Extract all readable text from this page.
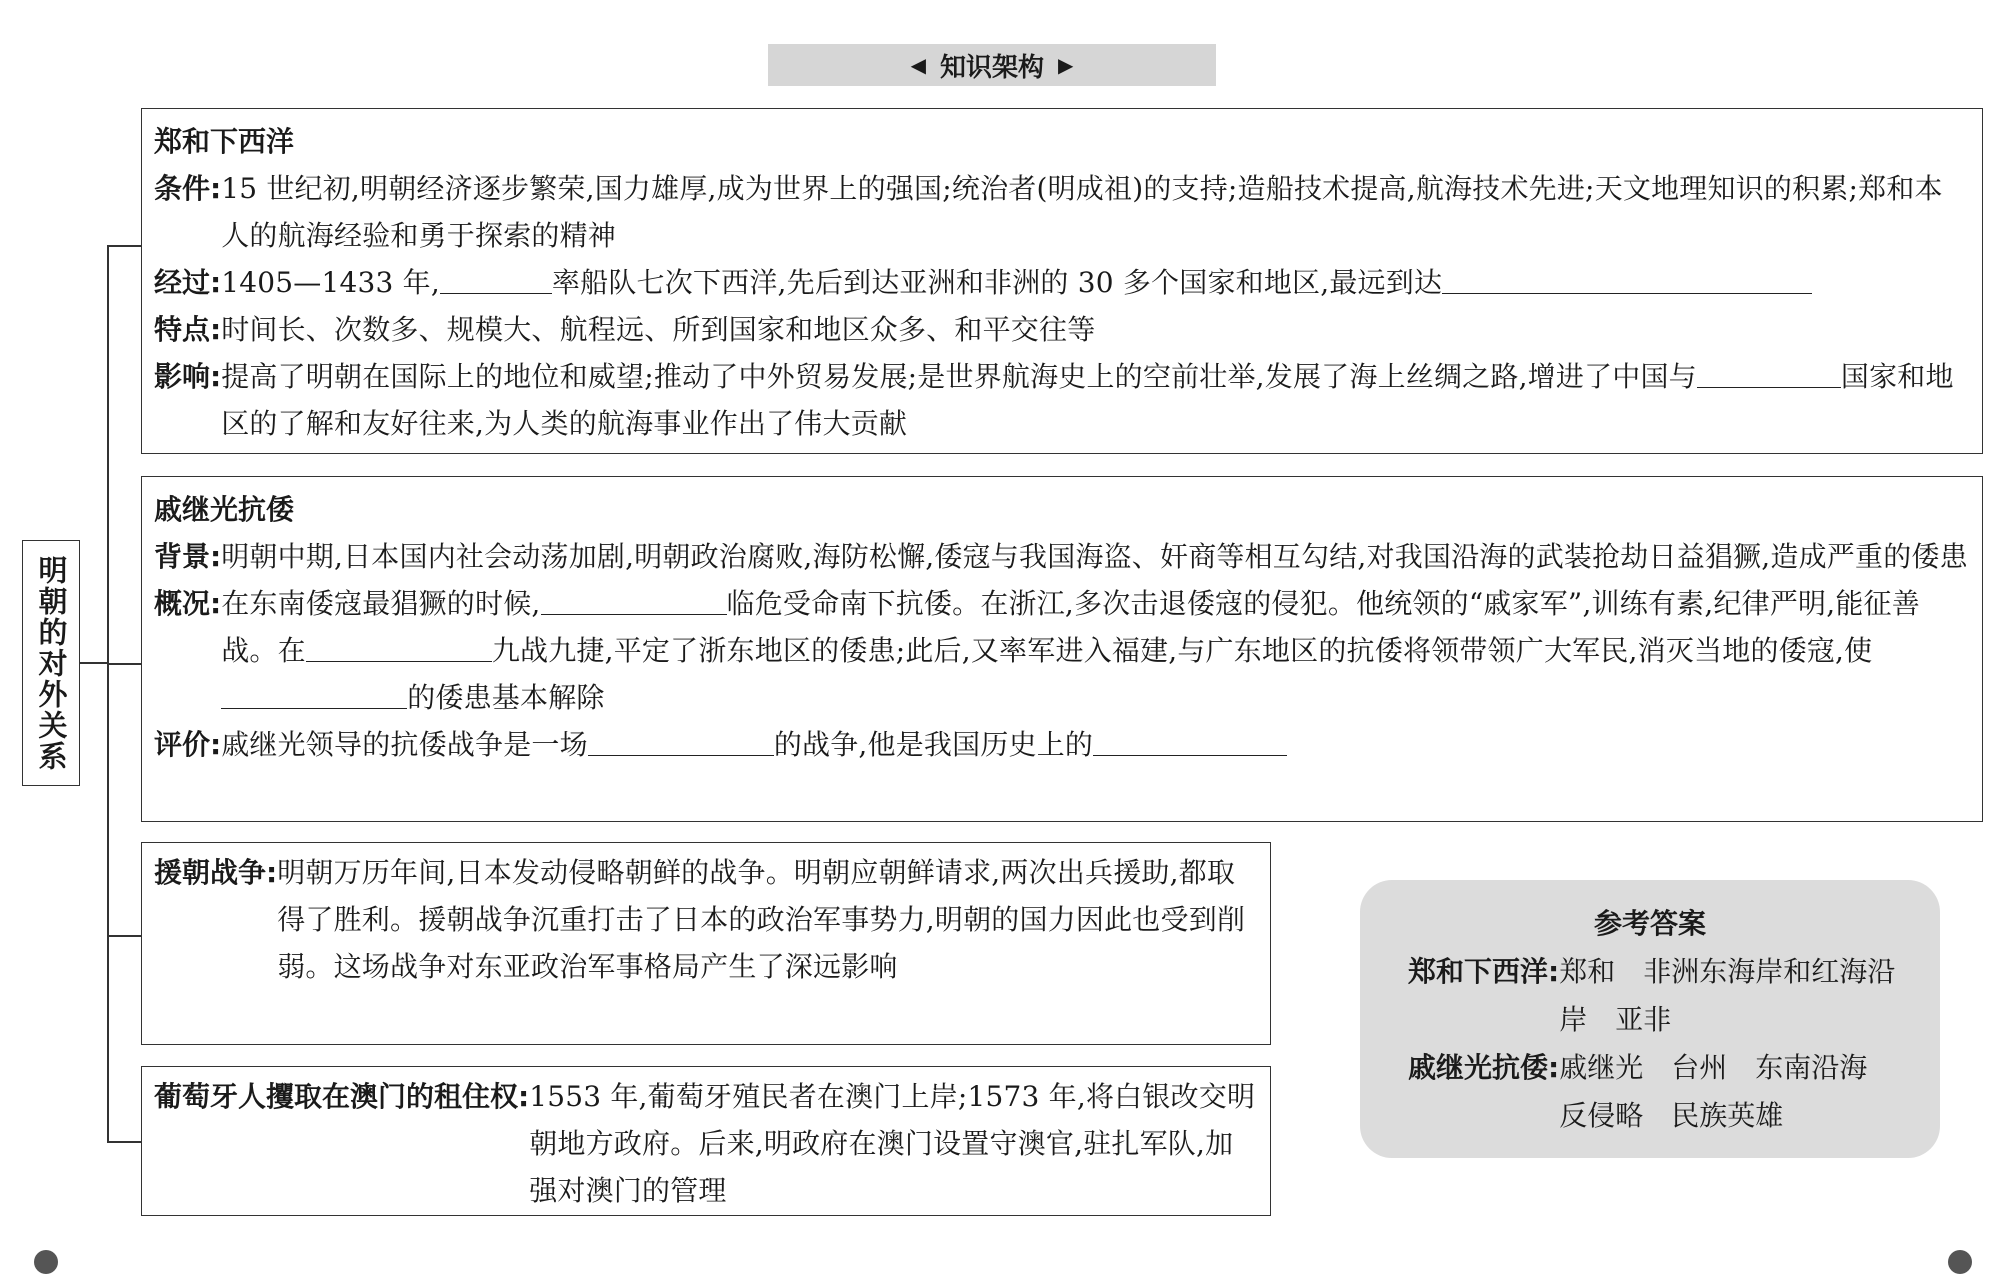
◀ 知识架构 ▶
明朝的对外关系
郑和下西洋
条件: 15 世纪初,明朝经济逐步繁荣,国力雄厚,成为世界上的强国;统治者(明成祖)的支持;造船技术提高,航海技术先进;天文地理知识的积累;郑和本人的航海经验和勇于探索的精神
经过: 1405—1433 年,	率船队七次下西洋,先后到达亚洲和非洲的 30 多个国家和地区,最远到达
特点: 时间长、次数多、规模大、航程远、所到国家和地区众多、和平交往等
影响: 提高了明朝在国际上的地位和威望;推动了中外贸易发展;是世界航海史上的空前壮举,发展了海上丝绸之路,增进了中国与	国家和地区的了解和友好往来,为人类的航海事业作出了伟大贡献
戚继光抗倭
背景: 明朝中期,日本国内社会动荡加剧,明朝政治腐败,海防松懈,倭寇与我国海盗、奸商等相互勾结,对我国沿海的武装抢劫日益猖獗,造成严重的倭患
概况: 在东南倭寇最猖獗的时候,	临危受命南下抗倭。在浙江,多次击退倭寇的侵犯。他统领的“戚家军”,训练有素,纪律严明,能征善战。在	九战九捷,平定了浙东地区的倭患;此后,又率军进入福建,与广东地区的抗倭将领带领广大军民,消灭当地的倭寇,使的倭患基本解除
评价: 戚继光领导的抗倭战争是一场	的战争,他是我国历史上的
援朝战争: 明朝万历年间,日本发动侵略朝鲜的战争。明朝应朝鲜请求,两次出兵援助,都取得了胜利。援朝战争沉重打击了日本的政治军事势力,明朝的国力因此也受到削弱。这场战争对东亚政治军事格局产生了深远影响
葡萄牙人攫取在澳门的租住权: 1553 年,葡萄牙殖民者在澳门上岸;1573 年,将白银改交明朝地方政府。后来,明政府在澳门设置守澳官,驻扎军队,加强对澳门的管理
参考答案
郑和下西洋: 郑和　非洲东海岸和红海沿岸　亚非
戚继光抗倭: 戚继光　台州　东南沿海　反侵略　民族英雄
